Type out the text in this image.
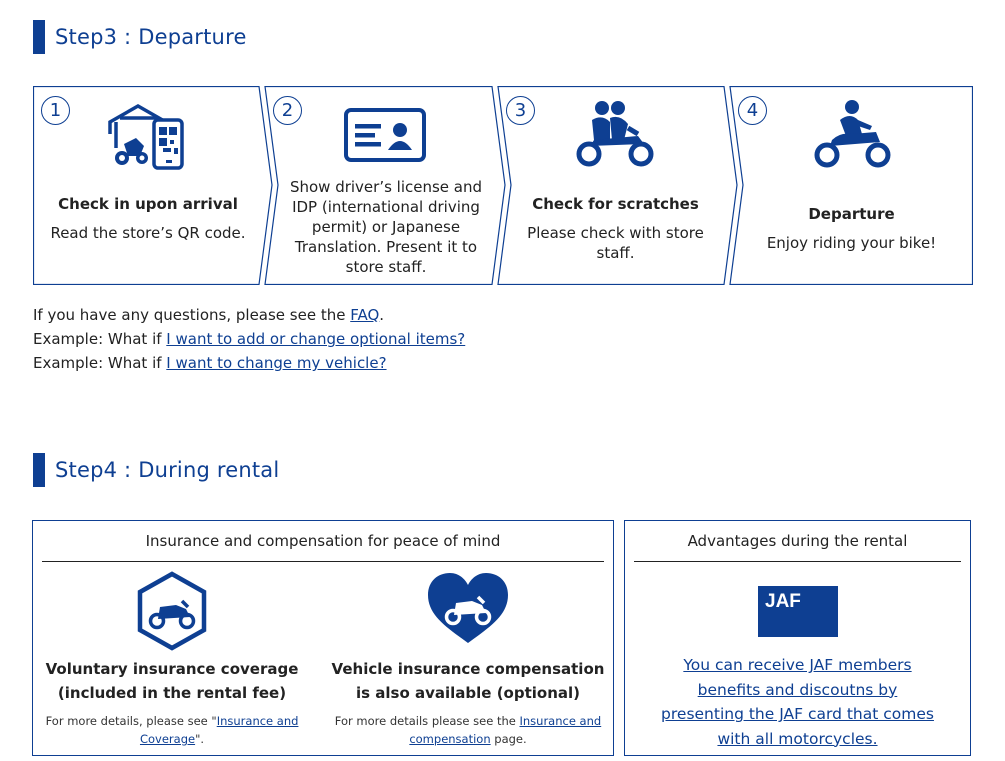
Step3 : Departure
1
Check in upon arrival
Read the store’s QR code.
2
Show driver’s license and IDP (international driving permit) or Japanese Translation. Present it to store staff.
3
Check for scratches
Please check with store staff.
4
Departure
Enjoy riding your bike!
If you have any questions, please see the FAQ.
Example: What if I want to add or change optional items?
Example: What if I want to change my vehicle?
Step4 : During rental
Insurance and compensation for peace of mind
Voluntary insurance coverage (included in the rental fee)
For more details, please see "Insurance and Coverage".
Vehicle insurance compensation is also available (optional)
For more details please see the Insurance and compensation page.
Advantages during the rental
JAF
You can receive JAF members benefits and discoutns by presenting the JAF card that comes with all motorcycles.
